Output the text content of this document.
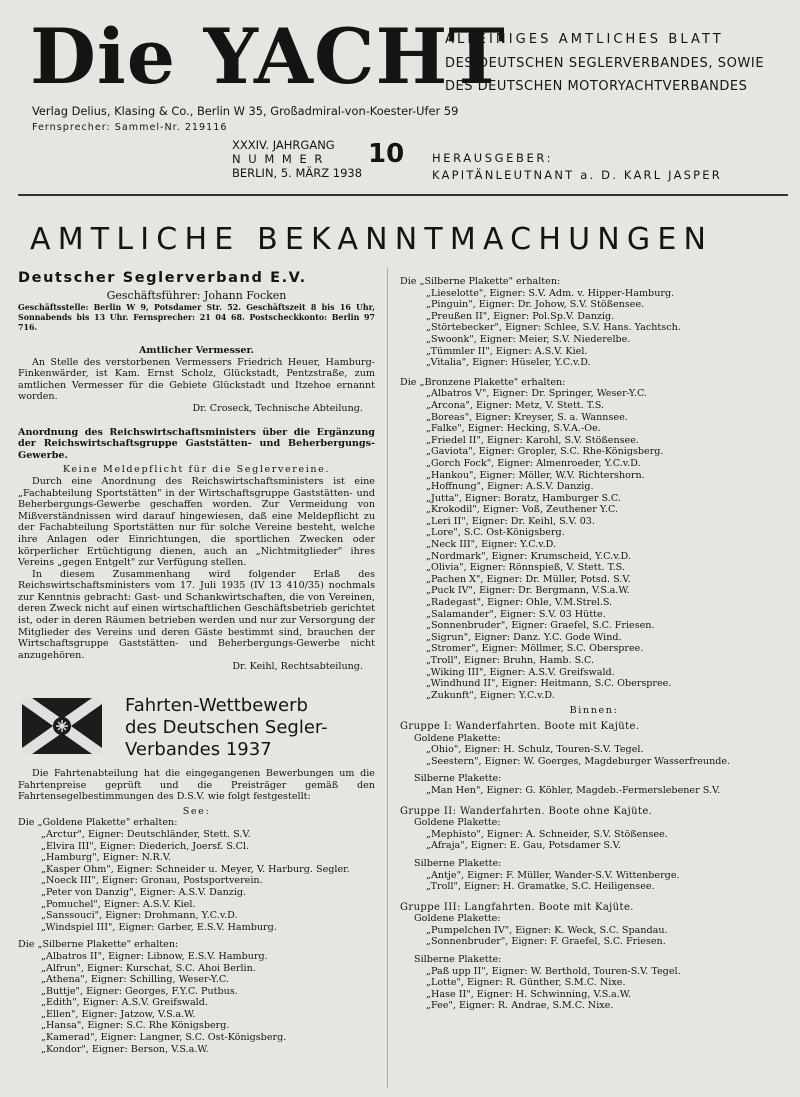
Die YACHT
ALLEINIGES AMTLICHES BLATT
DES DEUTSCHEN SEGLERVERBANDES, SOWIE
DES DEUTSCHEN MOTORYACHTVERBANDES
Verlag Delius, Klasing & Co., Berlin W 35, Großadmiral-von-Koester-Ufer 59
Fernsprecher: Sammel-Nr. 219116
XXXIV. JAHRGANG
N U M M E R
BERLIN, 5. MÄRZ 1938
10 HERAUSGEBER:
KAPITÄNLEUTNANT a. D. KARL JASPER
AMTLICHE BEKANNTMACHUNGEN
Deutscher Seglerverband E.V.
Geschäftsführer: Johann Focken
Geschäftsstelle: Berlin W 9, Potsdamer Str. 52. Geschäftszeit 8 bis 16 Uhr, Sonnabends bis 13 Uhr. Fernsprecher: 21 04 68. Postscheckkonto: Berlin 97 716.
Amtlicher Vermesser.

An Stelle des verstorbenen Vermessers Friedrich Heuer, Hamburg-Finkenwärder, ist Kam. Ernst Scholz, Glückstadt, Pentzstraße, zum amtlichen Vermesser für die Gebiete Glückstadt und Itzehoe ernannt worden.

Dr. Croseck, Technische Abteilung.

Anordnung des Reichswirtschaftsministers über die Ergänzung der Reichswirtschaftsgruppe Gaststätten- und Beherbergungs-Gewerbe.
Keine Meldepflicht für die Seglervereine.

Durch eine Anordnung des Reichswirtschaftsministers ist eine „Fachabteilung Sportstätten" in der Wirtschaftsgruppe Gaststätten- und Beherbergungs-Gewerbe geschaffen worden. Zur Vermeidung von Mißverständnissen wird darauf hingewiesen, daß eine Meldepflicht zu der Fachabteilung Sportstätten nur für solche Vereine besteht, welche ihre Anlagen oder Einrichtungen, die sportlichen Zwecken oder körperlicher Ertüchtigung dienen, auch an „Nichtmitglieder" ihres Vereins „gegen Entgelt" zur Verfügung stellen.

In diesem Zusammenhang wird folgender Erlaß des Reichswirtschaftsministers vom 17. Juli 1935 (IV 13 410/35) nochmals zur Kenntnis gebracht: Gast- und Schankwirtschaften, die von Vereinen, deren Zweck nicht auf einen wirtschaftlichen Geschäftsbetrieb gerichtet ist, oder in deren Räumen betrieben werden und nur zur Versorgung der Mitglieder des Vereins und deren Gäste bestimmt sind, brauchen der Wirtschaftsgruppe Gaststätten- und Beherbergungs-Gewerbe nicht anzugehören.

Dr. Keihl, Rechtsabteilung.

Fahrten-Wettbewerb
des Deutschen Segler-
Verbandes 1937

Die Fahrtenabteilung hat die eingegangenen Bewerbungen um die Fahrtenpreise geprüft und die Preisträger gemäß den Fahrtensegelbestimmungen des D.S.V. wie folgt festgestellt:

See:
Die „Goldene Plakette" erhalten:
„Arctur", Eigner: Deutschländer, Stett. S.V.
„Elvira III", Eigner: Diederich, Joersf. S.Cl.
„Hamburg", Eigner: N.R.V.
„Kasper Ohm", Eigner: Schneider u. Meyer, V. Harburg. Segler.
„Noeck III", Eigner: Gronau, Postsportverein.
„Peter von Danzig", Eigner: A.S.V. Danzig.
„Pomuchel", Eigner: A.S.V. Kiel.
„Sanssouci", Eigner: Drohmann, Y.C.v.D.
„Windspiel III", Eigner: Garber, E.S.V. Hamburg.
Die „Silberne Plakette" erhalten:
„Albatros II", Eigner: Libnow, E.S.V. Hamburg.
„Alfrun", Eigner: Kurschat, S.C. Ahoi Berlin.
„Athena", Eigner: Schilling, Weser-Y.C.
„Buttje", Eigner: Georges, F.Y.C. Putbus.
„Edith", Eigner: A.S.V. Greifswald.
„Ellen", Eigner: Jatzow, V.S.a.W.
„Hansa", Eigner: S.C. Rhe Königsberg.
„Kamerad", Eigner: Langner, S.C. Ost-Königsberg.
„Kondor", Eigner: Berson, V.S.a.W.
Die „Silberne Plakette" erhalten:
„Lieselotte", Eigner: S.V. Adm. v. Hipper-Hamburg.
„Pinguin", Eigner: Dr. Johow, S.V. Stößensee.
„Preußen II", Eigner: Pol.Sp.V. Danzig.
„Störtebecker", Eigner: Schlee, S.V. Hans. Yachtsch.
„Swoonk", Eigner: Meier, S.V. Niederelbe.
„Tümmler II", Eigner: A.S.V. Kiel.
„Vitalia", Eigner: Hüseler, Y.C.v.D.
Die „Bronzene Plakette" erhalten:
„Albatros V", Eigner: Dr. Springer, Weser-Y.C.
„Arcona", Eigner: Metz, V. Stett. T.S.
„Boreas", Eigner: Kreyser, S. a. Wannsee.
„Falke", Eigner: Hecking, S.V.A.-Oe.
„Friedel II", Eigner: Karohl, S.V. Stößensee.
„Gaviota", Eigner: Gropler, S.C. Rhe-Königsberg.
„Gorch Fock", Eigner: Almenroeder, Y.C.v.D.
„Hankou", Eigner: Möller, W.V. Richtershorn.
„Hoffnung", Eigner: A.S.V. Danzig.
„Jutta", Eigner: Boratz, Hamburger S.C.
„Krokodil", Eigner: Voß, Zeuthener Y.C.
„Leri II", Eigner: Dr. Keihl, S.V. 03.
„Lore", S.C. Ost-Königsberg.
„Neck III", Eigner: Y.C.v.D.
„Nordmark", Eigner: Krumscheid, Y.C.v.D.
„Olivia", Eigner: Rönnspieß, V. Stett. T.S.
„Pachen X", Eigner: Dr. Müller, Potsd. S.V.
„Puck IV", Eigner: Dr. Bergmann, V.S.a.W.
„Radegast", Eigner: Ohle, V.M.Strel.S.
„Salamander", Eigner: S.V. 03 Hütte.
„Sonnenbruder", Eigner: Graefel, S.C. Friesen.
„Sigrun", Eigner: Danz. Y.C. Gode Wind.
„Stromer", Eigner: Möllmer, S.C. Oberspree.
„Troll", Eigner: Bruhn, Hamb. S.C.
„Wiking III", Eigner: A.S.V. Greifswald.
„Windhund II", Eigner: Heitmann, S.C. Oberspree.
„Zukunft", Eigner: Y.C.v.D.
Binnen:
Gruppe I: Wanderfahrten. Boote mit Kajüte.
Goldene Plakette:
„Ohio", Eigner: H. Schulz, Touren-S.V. Tegel.
„Seestern", Eigner: W. Goerges, Magdeburger Wasserfreunde.
Silberne Plakette:
„Man Hen", Eigner: G. Köhler, Magdeb.-Fermerslebener S.V.
Gruppe II: Wanderfahrten. Boote ohne Kajüte.
Goldene Plakette:
„Mephisto", Eigner: A. Schneider, S.V. Stößensee.
„Afraja", Eigner: E. Gau, Potsdamer S.V.
Silberne Plakette:
„Antje", Eigner: F. Müller, Wander-S.V. Wittenberge.
„Troll", Eigner: H. Gramatke, S.C. Heiligensee.
Gruppe III: Langfahrten. Boote mit Kajüte.
Goldene Plakette:
„Pumpelchen IV", Eigner: K. Weck, S.C. Spandau.
„Sonnenbruder", Eigner: F. Graefel, S.C. Friesen.
Silberne Plakette:
„Paß upp II", Eigner: W. Berthold, Touren-S.V. Tegel.
„Lotte", Eigner: R. Günther, S.M.C. Nixe.
„Hase II", Eigner: H. Schwinning, V.S.a.W.
„Fee", Eigner: R. Andrae, S.M.C. Nixe.
